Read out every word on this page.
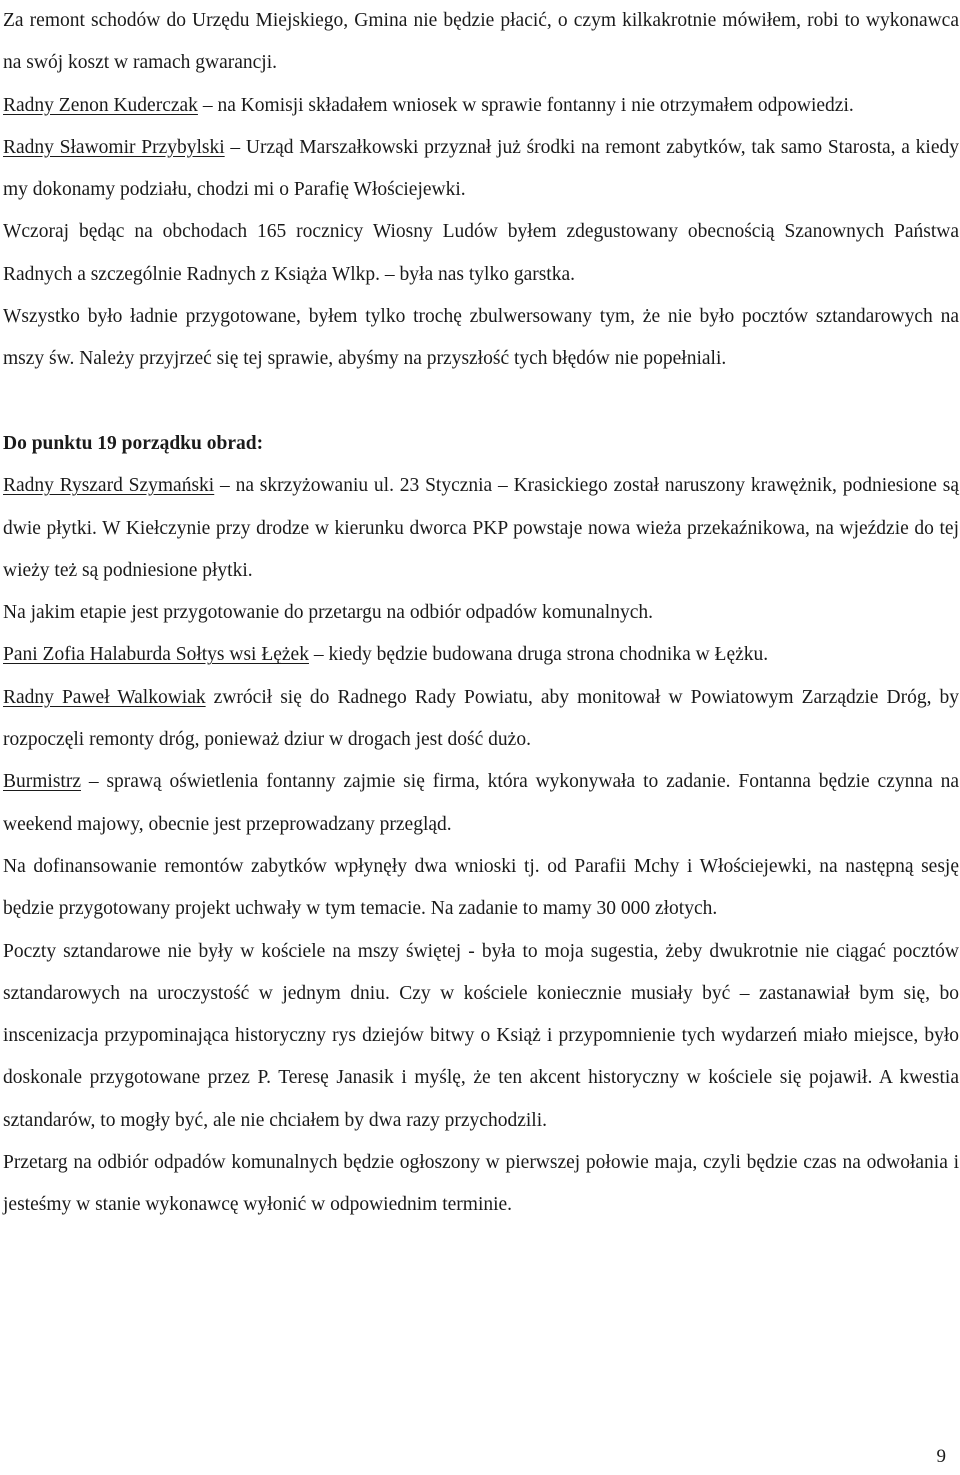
Za remont schodów do Urzędu Miejskiego, Gmina nie będzie płacić, o czym kilkakrotnie mówiłem, robi to wykonawca na swój koszt w ramach gwarancji.

Radny Zenon Kuderczak – na Komisji składałem wniosek w sprawie fontanny i nie otrzymałem odpowiedzi.

Radny Sławomir Przybylski – Urząd Marszałkowski przyznał już środki na remont zabytków, tak samo Starosta, a kiedy my dokonamy podziału, chodzi mi o Parafię Włościejewki.

Wczoraj będąc na obchodach 165 rocznicy Wiosny Ludów byłem zdegustowany obecnością Szanownych Państwa Radnych a szczególnie Radnych z Książa Wlkp. – była nas tylko garstka.

Wszystko było ładnie przygotowane, byłem tylko trochę zbulwersowany tym, że nie było pocztów sztandarowych na mszy św. Należy przyjrzeć się tej sprawie, abyśmy na przyszłość tych błędów nie popełniali.

Do punktu 19 porządku obrad:

Radny Ryszard Szymański – na skrzyżowaniu ul. 23 Stycznia – Krasickiego został naruszony krawężnik, podniesione są dwie płytki. W Kiełczynie przy drodze w kierunku dworca PKP powstaje nowa wieża przekaźnikowa, na wjeździe do tej wieży też są podniesione płytki.

Na jakim etapie jest przygotowanie do przetargu na odbiór odpadów komunalnych.

Pani Zofia Halaburda Sołtys wsi Łężek – kiedy będzie budowana druga strona chodnika w Łężku.

Radny Paweł Walkowiak zwrócił się do Radnego Rady Powiatu, aby monitował w Powiatowym Zarządzie Dróg, by rozpoczęli remonty dróg, ponieważ dziur w drogach jest dość dużo.

Burmistrz – sprawą oświetlenia fontanny zajmie się firma, która wykonywała to zadanie. Fontanna będzie czynna na weekend majowy, obecnie jest przeprowadzany przegląd.

Na dofinansowanie remontów zabytków wpłynęły dwa wnioski tj. od Parafii Mchy i Włościejewki, na następną sesję będzie przygotowany projekt uchwały w tym temacie. Na zadanie to mamy 30 000 złotych.

Poczty sztandarowe nie były w kościele na mszy świętej - była to moja sugestia, żeby dwukrotnie nie ciągać pocztów sztandarowych na uroczystość w jednym dniu. Czy w kościele koniecznie musiały być – zastanawiał bym się, bo inscenizacja przypominająca historyczny rys dziejów bitwy o Książ i przypomnienie tych wydarzeń miało miejsce, było doskonale przygotowane przez P. Teresę Janasik i myślę, że ten akcent historyczny w kościele się pojawił. A kwestia sztandarów, to mogły być, ale nie chciałem by dwa razy przychodzili.

Przetarg na odbiór odpadów komunalnych będzie ogłoszony w pierwszej połowie maja, czyli będzie czas na odwołania i jesteśmy w stanie wykonawcę wyłonić w odpowiednim terminie.

9
